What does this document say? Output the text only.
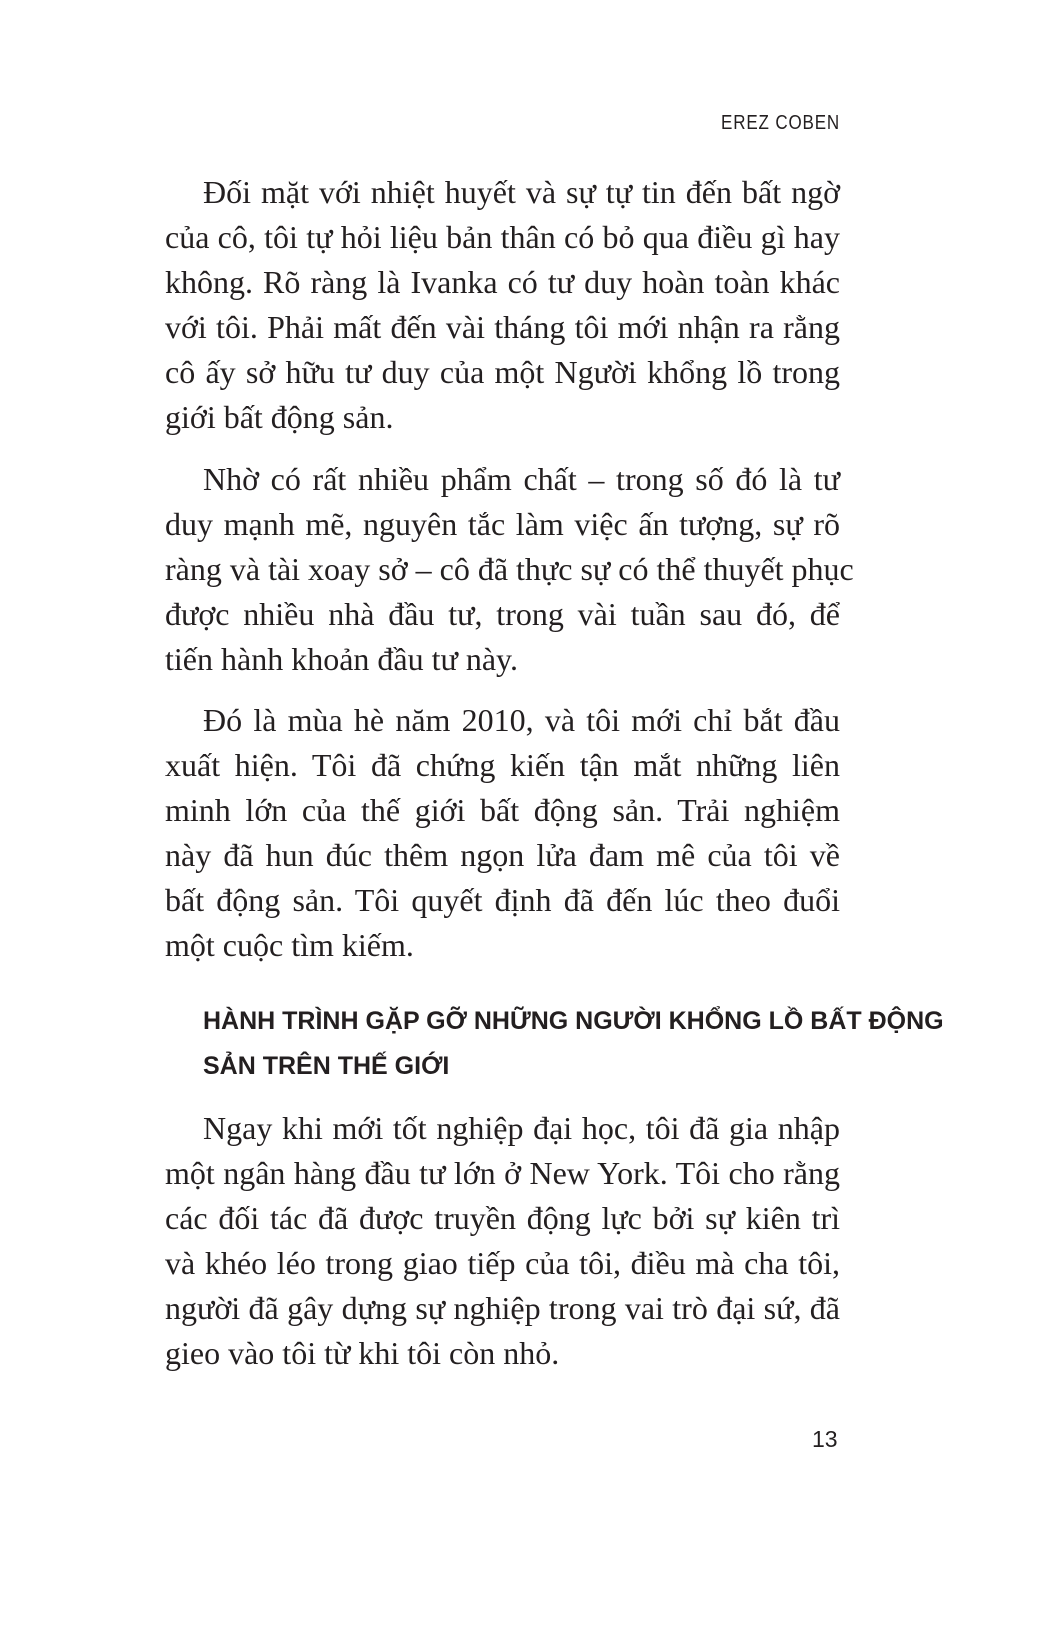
EREZ COBEN
Đối mặt với nhiệt huyết và sự tự tin đến bất ngờ
của cô, tôi tự hỏi liệu bản thân có bỏ qua điều gì hay
không. Rõ ràng là Ivanka có tư duy hoàn toàn khác
với tôi. Phải mất đến vài tháng tôi mới nhận ra rằng
cô ấy sở hữu tư duy của một Người khổng lồ trong
giới bất động sản.
Nhờ có rất nhiều phẩm chất – trong số đó là tư
duy mạnh mẽ, nguyên tắc làm việc ấn tượng, sự rõ
ràng và tài xoay sở – cô đã thực sự có thể thuyết phục
được nhiều nhà đầu tư, trong vài tuần sau đó, để
tiến hành khoản đầu tư này.
Đó là mùa hè năm 2010, và tôi mới chỉ bắt đầu
xuất hiện. Tôi đã chứng kiến tận mắt những liên
minh lớn của thế giới bất động sản. Trải nghiệm
này đã hun đúc thêm ngọn lửa đam mê của tôi về
bất động sản. Tôi quyết định đã đến lúc theo đuổi
một cuộc tìm kiếm.
HÀNH TRÌNH GẶP GỠ NHỮNG NGƯỜI KHỔNG LỒ BẤT ĐỘNG
SẢN TRÊN THẾ GIỚI
Ngay khi mới tốt nghiệp đại học, tôi đã gia nhập
một ngân hàng đầu tư lớn ở New York. Tôi cho rằng
các đối tác đã được truyền động lực bởi sự kiên trì
và khéo léo trong giao tiếp của tôi, điều mà cha tôi,
người đã gây dựng sự nghiệp trong vai trò đại sứ, đã
gieo vào tôi từ khi tôi còn nhỏ.
13
